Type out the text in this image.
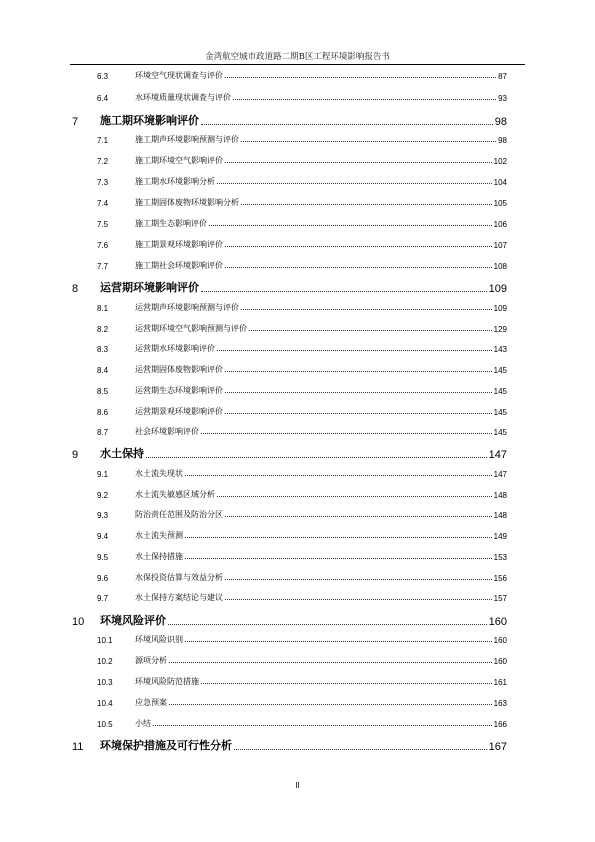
金湾航空城市政道路二期B区工程环境影响报告书
6.3	环境空气现状调查与评价	87
6.4	水环境质量现状调查与评价	93
7	施工期环境影响评价	98
7.1	施工期声环境影响预测与评价	98
7.2	施工期环境空气影响评价	102
7.3	施工期水环境影响分析	104
7.4	施工期固体废物环境影响分析	105
7.5	施工期生态影响评价	106
7.6	施工期景观环境影响评价	107
7.7	施工期社会环境影响评价	108
8	运营期环境影响评价	109
8.1	运营期声环境影响预测与评价	109
8.2	运营期环境空气影响预测与评价	129
8.3	运营期水环境影响评价	143
8.4	运营期固体废物影响评价	145
8.5	运营期生态环境影响评价	145
8.6	运营期景观环境影响评价	145
8.7	社会环境影响评价	145
9	水土保持	147
9.1	水土流失现状	147
9.2	水土流失敏感区域分析	148
9.3	防治责任范围及防治分区	148
9.4	水土流失预测	149
9.5	水土保持措施	153
9.6	水保投资估算与效益分析	156
9.7	水土保持方案结论与建议	157
10	环境风险评价	160
10.1	环境风险识别	160
10.2	源项分析	160
10.3	环境风险防范措施	161
10.4	应急预案	163
10.5	小结	166
11	环境保护措施及可行性分析	167
II
